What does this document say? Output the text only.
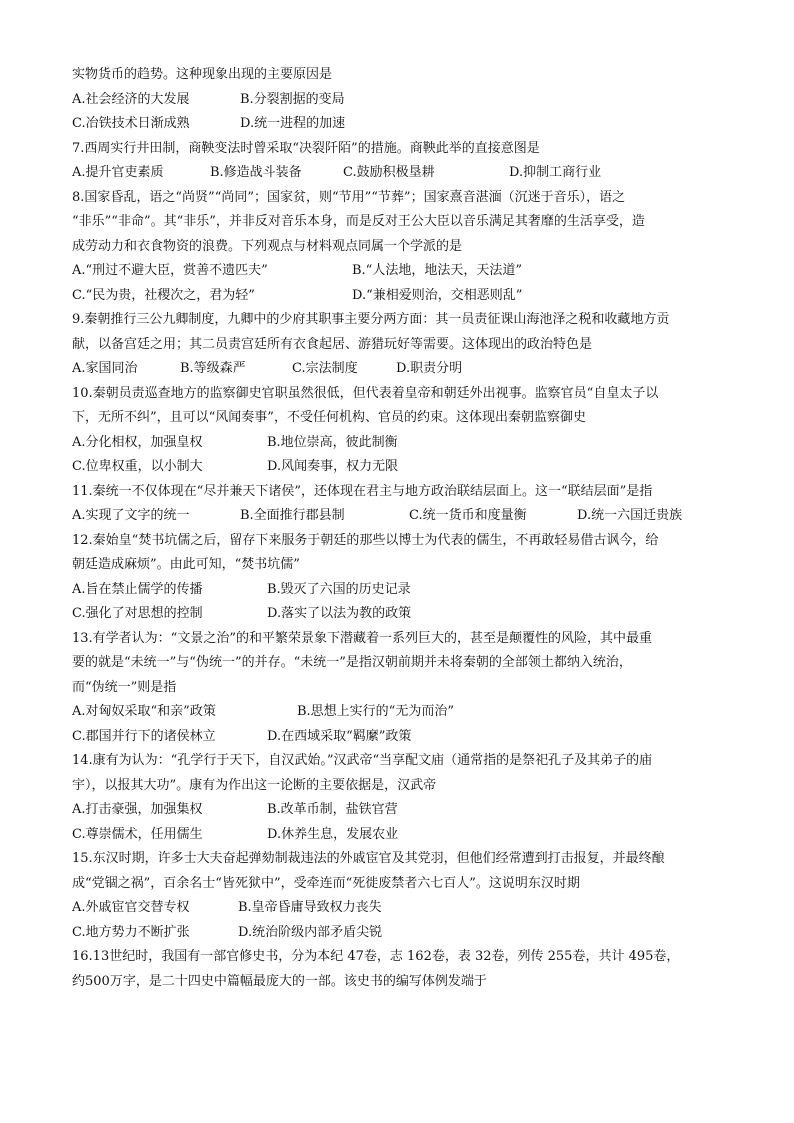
实物货币的趋势。这种现象出现的主要原因是
A.社会经济的大发展	B.分裂割据的变局
C.冶铁技术日渐成熟	D.统一进程的加速
7.西周实行井田制，商鞅变法时曾采取“决裂阡陌”的措施。商鞅此举的直接意图是
A.提升官吏素质	B.修造战斗装备	C.鼓励积极垦耕	D.抑制工商行业
8.国家昏乱，语之“尚贤”“尚同”；国家贫，则“节用”“节葬”；国家熹音湛湎（沉迷于音乐），语之
“非乐”“非命”。其“非乐”，并非反对音乐本身，而是反对王公大臣以音乐满足其奢靡的生活享受，造
成劳动力和衣食物资的浪费。下列观点与材料观点同属一个学派的是
A.“刑过不避大臣，赏善不遗匹夫”	B.“人法地，地法天，天法道”
C.“民为贵，社稷次之，君为轻”	D.“兼相爱则治，交相恶则乱”
9.秦朝推行三公九卿制度，九卿中的少府其职事主要分两方面：其一员责征课山海池泽之税和收藏地方贡
献，以备宫廷之用；其二员责宫廷所有衣食起居、游猎玩好等需要。这体现出的政治特色是
A.家国同治	B.等级森严	C.宗法制度	D.职责分明
10.秦朝员责巡查地方的监察御史官职虽然很低，但代表着皇帝和朝廷外出视事。监察官员“自皇太子以
下，无所不纠”，且可以“风闻奏事”，不受任何机构、官员的约束。这体现出秦朝监察御史
A.分化相权，加强皇权	B.地位崇高，彼此制衡
C.位卑权重，以小制大	D.风闻奏事，权力无限
11.秦统一不仅体现在“尽并兼天下诸侯”，还体现在君主与地方政治联结层面上。这一“联结层面”是指
A.实现了文字的统一	B.全面推行郡县制	C.统一货币和度量衡	D.统一六国迁贵族
12.秦始皇“焚书坑儒之后，留存下来服务于朝廷的那些以博士为代表的儒生，不再敢轻易借古讽今，给
朝廷造成麻烦”。由此可知，“焚书坑儒”
A.旨在禁止儒学的传播	B.毁灭了六国的历史记录
C.强化了对思想的控制	D.落实了以法为教的政策
13.有学者认为：“文景之治”的和平繁荣景象下潜藏着一系列巨大的，甚至是颠覆性的风险，其中最重
要的就是“未统一”与“伪统一”的并存。“未统一”是指汉朝前期并未将秦朝的全部领土都纳入统治，
而“伪统一”则是指
A.对匈奴采取“和亲”政策	B.思想上实行的“无为而治”
C.郡国并行下的诸侯林立	D.在西域采取“羁縻”政策
14.康有为认为：“孔学行于天下，自汉武始。”汉武帝“当享配文庙（通常指的是祭祀孔子及其弟子的庙
宇），以报其大功”。康有为作出这一论断的主要依据是，汉武帝
A.打击豪强，加强集权	B.改革币制，盐铁官营
C.尊崇儒术，任用儒生	D.休养生息，发展农业
15.东汉时期，许多士大夫奋起弹劾制裁违法的外戚宦官及其党羽，但他们经常遭到打击报复，并最终酿
成“党锢之祸”，百余名士“皆死狱中”，受牵连而“死徙废禁者六七百人”。这说明东汉时期
A.外戚宦官交替专权	B.皇帝昏庸导致权力丧失
C.地方势力不断扩张	D.统治阶级内部矛盾尖锐
16.13世纪时，我国有一部官修史书，分为本纪 47卷，志 162卷，表 32卷，列传 255卷，共计 495卷，
约500万字，是二十四史中篇幅最庞大的一部。该史书的编写体例发端于
